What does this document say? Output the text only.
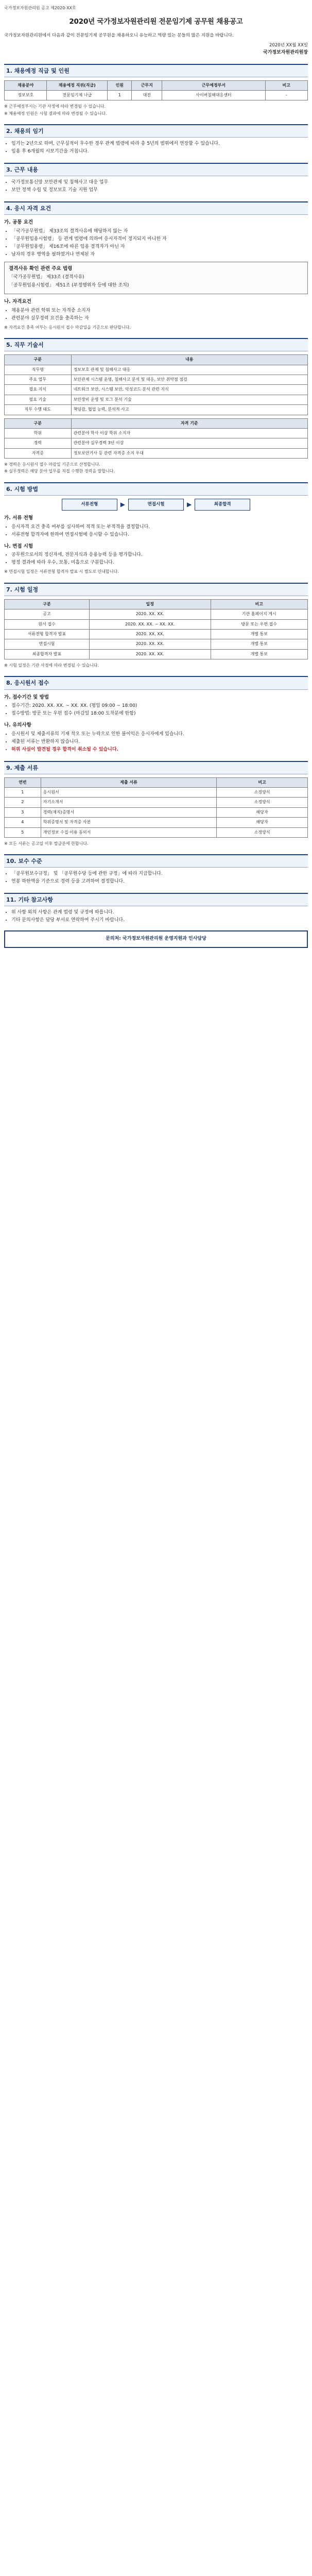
국가정보자원관리원 공고 제2020-XX호
2020년 국가정보자원관리원 전문임기제 공무원 채용공고

국가정보자원관리원에서 다음과 같이 전문임기제 공무원을 채용하오니 유능하고 역량 있는 분들의 많은 지원을 바랍니다.

2020년 XX월 XX일

국가정보자원관리원장

1. 채용예정 직급 및 인원
채용분야	채용예정 직위(직급)	인원	근무지	근무예정부서	비고
정보보호	전문임기제 나급	1	대전	사이버침해대응센터	-

※ 근무예정부서는 기관 사정에 따라 변경될 수 있습니다.

※ 채용예정 인원은 시험 결과에 따라 변경될 수 있습니다.

2. 채용의 임기
• 임기는 2년으로 하며, 근무실적이 우수한 경우 관계 법령에 따라 총 5년의 범위에서 연장할 수 있습니다.
• 임용 후 6개월의 시보기간을 거칩니다.
3. 근무 내용
• 국가정보통신망 보안관제 및 침해사고 대응 업무
• 보안 정책 수립 및 정보보호 기술 지원 업무
4. 응시 자격 요건
가. 공통 요건
• 「국가공무원법」 제33조의 결격사유에 해당하지 않는 자
• 「공무원임용시험령」 등 관계 법령에 의하여 응시자격이 정지되지 아니한 자
• 「공무원임용령」 제16조에 따른 임용 결격자가 아닌 자
• 남자의 경우 병역을 필하였거나 면제된 자
결격사유 확인 관련 주요 법령

「국가공무원법」 제33조 (결격사유)

「공무원임용시험령」 제51조 (부정행위자 등에 대한 조치)

나. 자격요건
• 채용분야 관련 학위 또는 자격증 소지자
• 관련분야 실무경력 요건을 충족하는 자

※ 자격요건 충족 여부는 응시원서 접수 마감일을 기준으로 판단합니다.

5. 직무 기술서
구분	내용
직무명	정보보호 관제 및 침해사고 대응
주요 업무	보안관제 시스템 운영, 침해사고 분석 및 대응, 보안 취약점 점검
필요 지식	네트워크 보안, 시스템 보안, 악성코드 분석 관련 지식
필요 기술	보안장비 운영 및 로그 분석 기술
직무 수행 태도	책임감, 협업 능력, 분석적 사고
구분	자격 기준
학위	관련분야 학사 이상 학위 소지자
경력	관련분야 실무경력 3년 이상
자격증	정보보안기사 등 관련 자격증 소지 우대

※ 경력은 응시원서 접수 마감일 기준으로 산정합니다.

※ 실무경력은 해당 분야 업무를 직접 수행한 경력을 말합니다.

6. 시험 방법
서류전형	▶	면접시험	▶	최종합격
가. 서류 전형
• 응시자격 요건 충족 여부를 심사하여 적격 또는 부적격을 결정합니다.
• 서류전형 합격자에 한하여 면접시험에 응시할 수 있습니다.
나. 면접 시험
• 공무원으로서의 정신자세, 전문지식과 응용능력 등을 평가합니다.
• 평정 결과에 따라 우수, 보통, 미흡으로 구분합니다.

※ 면접시험 일정은 서류전형 합격자 발표 시 별도로 안내합니다.

7. 시험 일정
구분	일정	비고
공고	2020. XX. XX.	기관 홈페이지 게시
원서 접수	2020. XX. XX. ~ XX. XX.	방문 또는 우편 접수
서류전형 합격자 발표	2020. XX. XX.	개별 통보
면접시험	2020. XX. XX.	개별 통보
최종합격자 발표	2020. XX. XX.	개별 통보

※ 시험 일정은 기관 사정에 따라 변경될 수 있습니다.

8. 응시원서 접수
가. 접수기간 및 방법
• 접수기간: 2020. XX. XX. ~ XX. XX. (평일 09:00 ~ 18:00)
• 접수방법: 방문 또는 우편 접수 (마감일 18:00 도착분에 한함)
나. 유의사항
• 응시원서 및 제출서류의 기재 착오 또는 누락으로 인한 불이익은 응시자에게 있습니다.
• 제출된 서류는 반환하지 않습니다.
• 허위 사실이 발견될 경우 합격이 취소될 수 있습니다.
9. 제출 서류
연번	제출 서류	비고
1	응시원서	소정양식
2	자기소개서	소정양식
3	경력(재직)증명서	해당자
4	학위증명서 및 자격증 사본	해당자
5	개인정보 수집·이용 동의서	소정양식

※ 모든 서류는 공고일 이후 발급분에 한합니다.

10. 보수 수준
• 「공무원보수규정」 및 「공무원수당 등에 관한 규정」에 따라 지급합니다.
• 연봉 하한액을 기준으로 경력 등을 고려하여 결정합니다.
11. 기타 참고사항
• 위 사항 외의 사항은 관계 법령 및 규정에 따릅니다.
• 기타 문의사항은 담당 부서로 연락하여 주시기 바랍니다.
문의처: 국가정보자원관리원 운영지원과 인사담당
